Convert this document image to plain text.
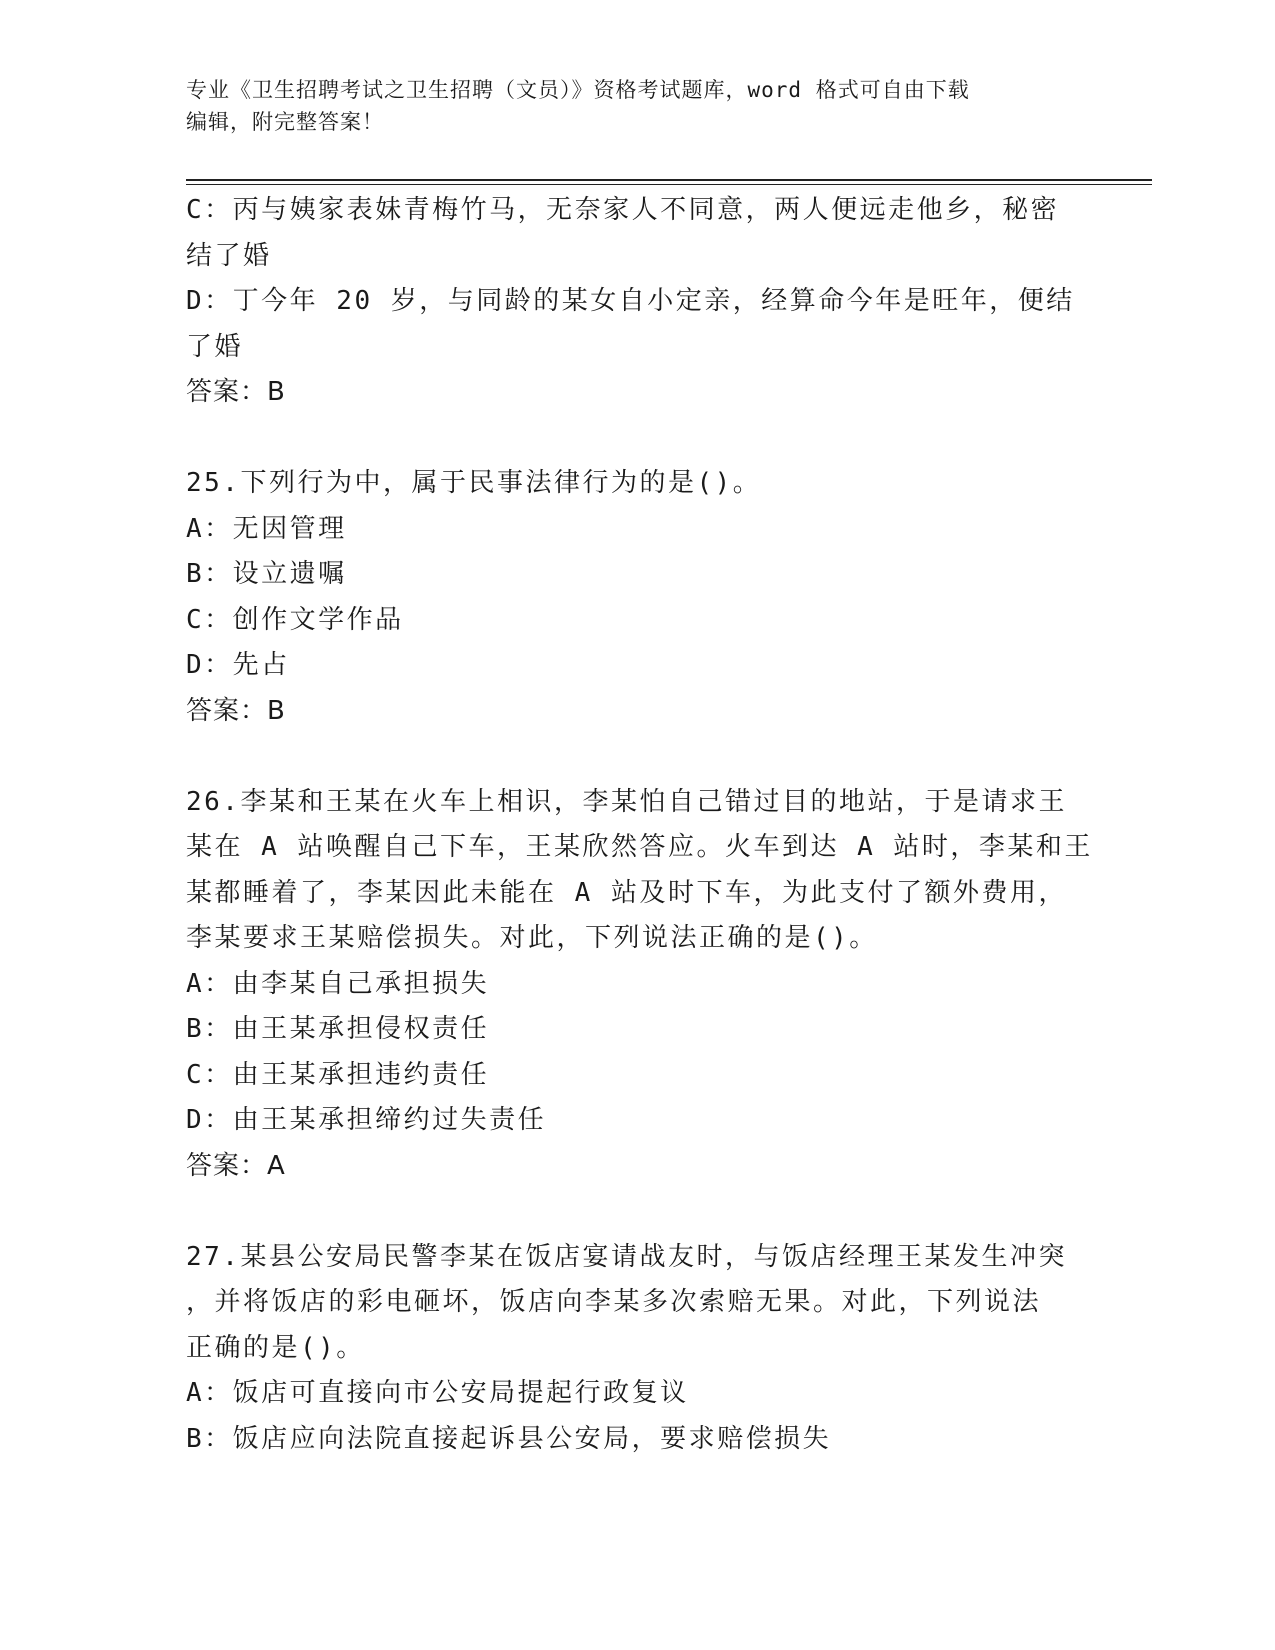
专业《卫生招聘考试之卫生招聘（文员）》资格考试题库，word 格式可自由下载
编辑，附完整答案！
C：丙与姨家表妹青梅竹马，无奈家人不同意，两人便远走他乡，秘密
结了婚
D：丁今年 20 岁，与同龄的某女自小定亲，经算命今年是旺年，便结
了婚
答案：B
25.下列行为中，属于民事法律行为的是()。
A：无因管理
B：设立遗嘱
C：创作文学作品
D：先占
答案：B
26.李某和王某在火车上相识，李某怕自己错过目的地站，于是请求王
某在 A 站唤醒自己下车，王某欣然答应。火车到达 A 站时，李某和王
某都睡着了，李某因此未能在 A 站及时下车，为此支付了额外费用，
李某要求王某赔偿损失。对此，下列说法正确的是()。
A：由李某自己承担损失
B：由王某承担侵权责任
C：由王某承担违约责任
D：由王某承担缔约过失责任
答案：A
27.某县公安局民警李某在饭店宴请战友时，与饭店经理王某发生冲突
，并将饭店的彩电砸坏，饭店向李某多次索赔无果。对此，下列说法
正确的是()。
A：饭店可直接向市公安局提起行政复议
B：饭店应向法院直接起诉县公安局，要求赔偿损失
